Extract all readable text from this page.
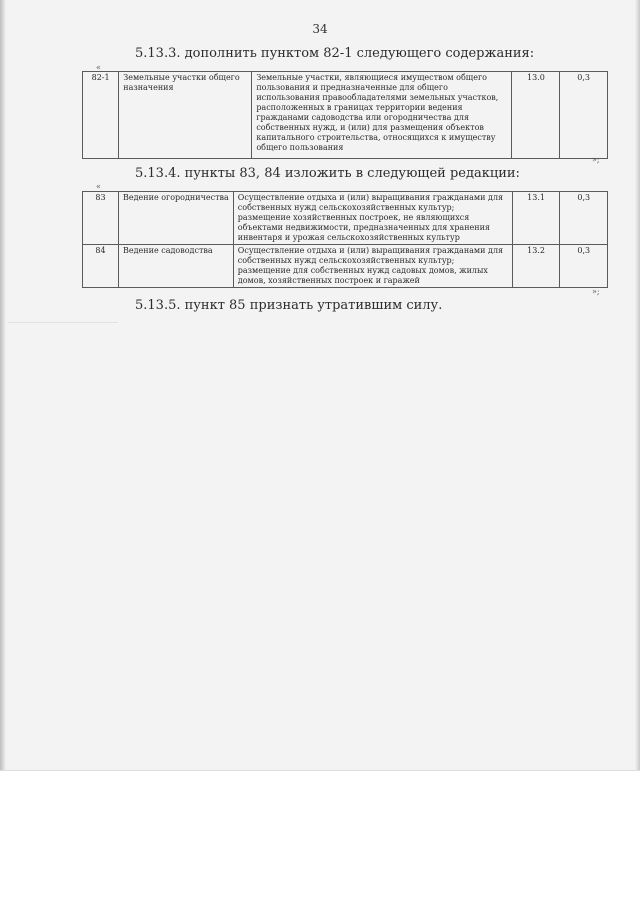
34
5.13.3. дополнить пунктом 82-1 следующего содержания:
«
82-1	Земельные участки общего назначения	Земельные участки, являющиеся имуществом общего пользования и предназначенные для общего использования правообладателями земельных участков, расположенных в границах территории ведения гражданами садоводства или огородничества для собственных нужд, и (или) для размещения объектов капитального строительства, относящихся к имуществу общего пользования	13.0	0,3
»;
5.13.4. пункты 83, 84 изложить в следующей редакции:
«
83	Ведение огородничества	Осуществление отдыха и (или) выращивания гражданами для собственных нужд сельскохозяйственных культур; размещение хозяйственных построек, не являющихся объектами недвижимости, предназначенных для хранения инвентаря и урожая сельскохозяйственных культур	13.1	0,3
84	Ведение садоводства	Осуществление отдыха и (или) выращивания гражданами для собственных нужд сельскохозяйственных культур; размещение для собственных нужд садовых домов, жилых домов, хозяйственных построек и гаражей	13.2	0,3
»;
5.13.5. пункт 85 признать утратившим силу.
